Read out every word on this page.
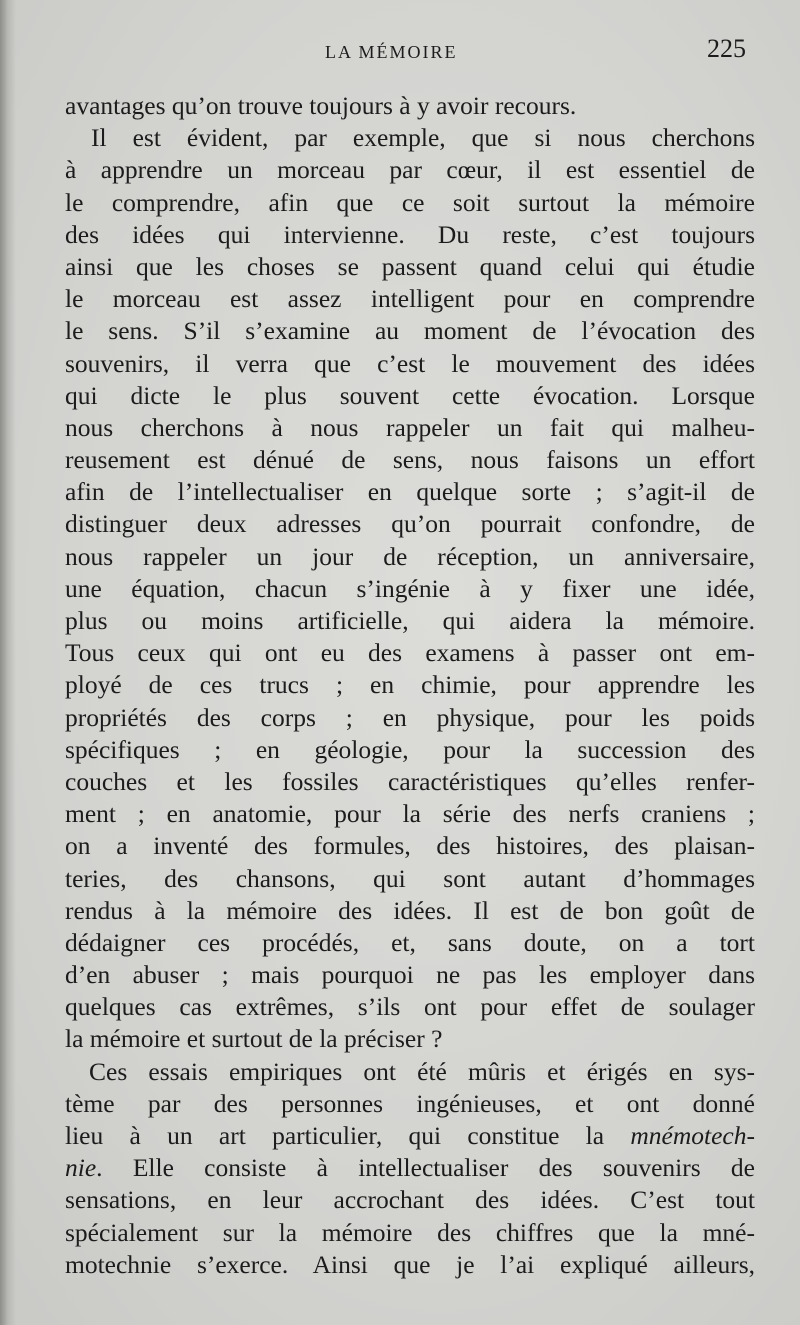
LA MÉMOIRE	225
avantages qu’on trouve toujours à y avoir recours.
Il est évident, par exemple, que si nous cherchons
à apprendre un morceau par cœur, il est essentiel de
le comprendre, afin que ce soit surtout la mémoire
des idées qui intervienne. Du reste, c’est toujours
ainsi que les choses se passent quand celui qui étudie
le morceau est assez intelligent pour en comprendre
le sens. S’il s’examine au moment de l’évocation des
souvenirs, il verra que c’est le mouvement des idées
qui dicte le plus souvent cette évocation. Lorsque
nous cherchons à nous rappeler un fait qui malheu-
reusement est dénué de sens, nous faisons un effort
afin de l’intellectualiser en quelque sorte ; s’agit-il de
distinguer deux adresses qu’on pourrait confondre, de
nous rappeler un jour de réception, un anniversaire,
une équation, chacun s’ingénie à y fixer une idée,
plus ou moins artificielle, qui aidera la mémoire.
Tous ceux qui ont eu des examens à passer ont em-
ployé de ces trucs ; en chimie, pour apprendre les
propriétés des corps ; en physique, pour les poids
spécifiques ; en géologie, pour la succession des
couches et les fossiles caractéristiques qu’elles renfer-
ment ; en anatomie, pour la série des nerfs craniens ;
on a inventé des formules, des histoires, des plaisan-
teries, des chansons, qui sont autant d’hommages
rendus à la mémoire des idées. Il est de bon goût de
dédaigner ces procédés, et, sans doute, on a tort
d’en abuser ; mais pourquoi ne pas les employer dans
quelques cas extrêmes, s’ils ont pour effet de soulager
la mémoire et surtout de la préciser ?
Ces essais empiriques ont été mûris et érigés en sys-
tème par des personnes ingénieuses, et ont donné
lieu à un art particulier, qui constitue la mnémotech-
nie. Elle consiste à intellectualiser des souvenirs de
sensations, en leur accrochant des idées. C’est tout
spécialement sur la mémoire des chiffres que la mné-
motechnie s’exerce. Ainsi que je l’ai expliqué ailleurs,
